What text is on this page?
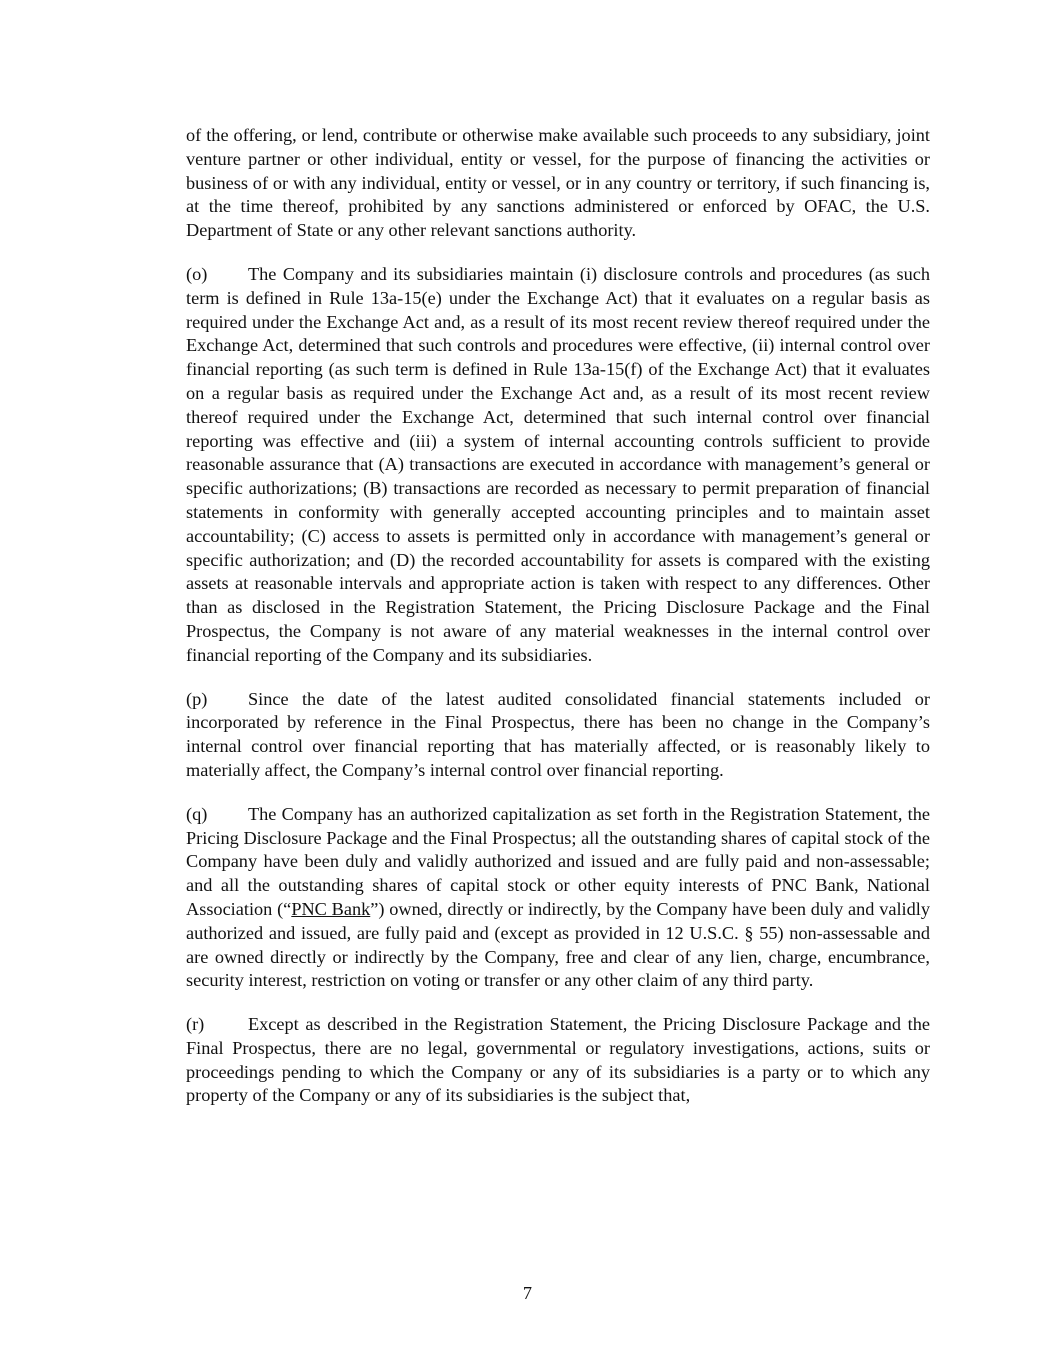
of the offering, or lend, contribute or otherwise make available such proceeds to any subsidiary, joint venture partner or other individual, entity or vessel, for the purpose of financing the activities or business of or with any individual, entity or vessel, or in any country or territory, if such financing is, at the time thereof, prohibited by any sanctions administered or enforced by OFAC, the U.S. Department of State or any other relevant sanctions authority.

(o) The Company and its subsidiaries maintain (i) disclosure controls and procedures (as such term is defined in Rule 13a-15(e) under the Exchange Act) that it evaluates on a regular basis as required under the Exchange Act and, as a result of its most recent review thereof required under the Exchange Act, determined that such controls and procedures were effective, (ii) internal control over financial reporting (as such term is defined in Rule 13a-15(f) of the Exchange Act) that it evaluates on a regular basis as required under the Exchange Act and, as a result of its most recent review thereof required under the Exchange Act, determined that such internal control over financial reporting was effective and (iii) a system of internal accounting controls sufficient to provide reasonable assurance that (A) transactions are executed in accordance with management’s general or specific authorizations; (B) transactions are recorded as necessary to permit preparation of financial statements in conformity with generally accepted accounting principles and to maintain asset accountability; (C) access to assets is permitted only in accordance with management’s general or specific authorization; and (D) the recorded accountability for assets is compared with the existing assets at reasonable intervals and appropriate action is taken with respect to any differences. Other than as disclosed in the Registration Statement, the Pricing Disclosure Package and the Final Prospectus, the Company is not aware of any material weaknesses in the internal control over financial reporting of the Company and its subsidiaries.

(p) Since the date of the latest audited consolidated financial statements included or incorporated by reference in the Final Prospectus, there has been no change in the Company’s internal control over financial reporting that has materially affected, or is reasonably likely to materially affect, the Company’s internal control over financial reporting.

(q) The Company has an authorized capitalization as set forth in the Registration Statement, the Pricing Disclosure Package and the Final Prospectus; all the outstanding shares of capital stock of the Company have been duly and validly authorized and issued and are fully paid and non-assessable; and all the outstanding shares of capital stock or other equity interests of PNC Bank, National Association (“PNC Bank”) owned, directly or indirectly, by the Company have been duly and validly authorized and issued, are fully paid and (except as provided in 12 U.S.C. § 55) non-assessable and are owned directly or indirectly by the Company, free and clear of any lien, charge, encumbrance, security interest, restriction on voting or transfer or any other claim of any third party.

(r) Except as described in the Registration Statement, the Pricing Disclosure Package and the Final Prospectus, there are no legal, governmental or regulatory investigations, actions, suits or proceedings pending to which the Company or any of its subsidiaries is a party or to which any property of the Company or any of its subsidiaries is the subject that,

7
